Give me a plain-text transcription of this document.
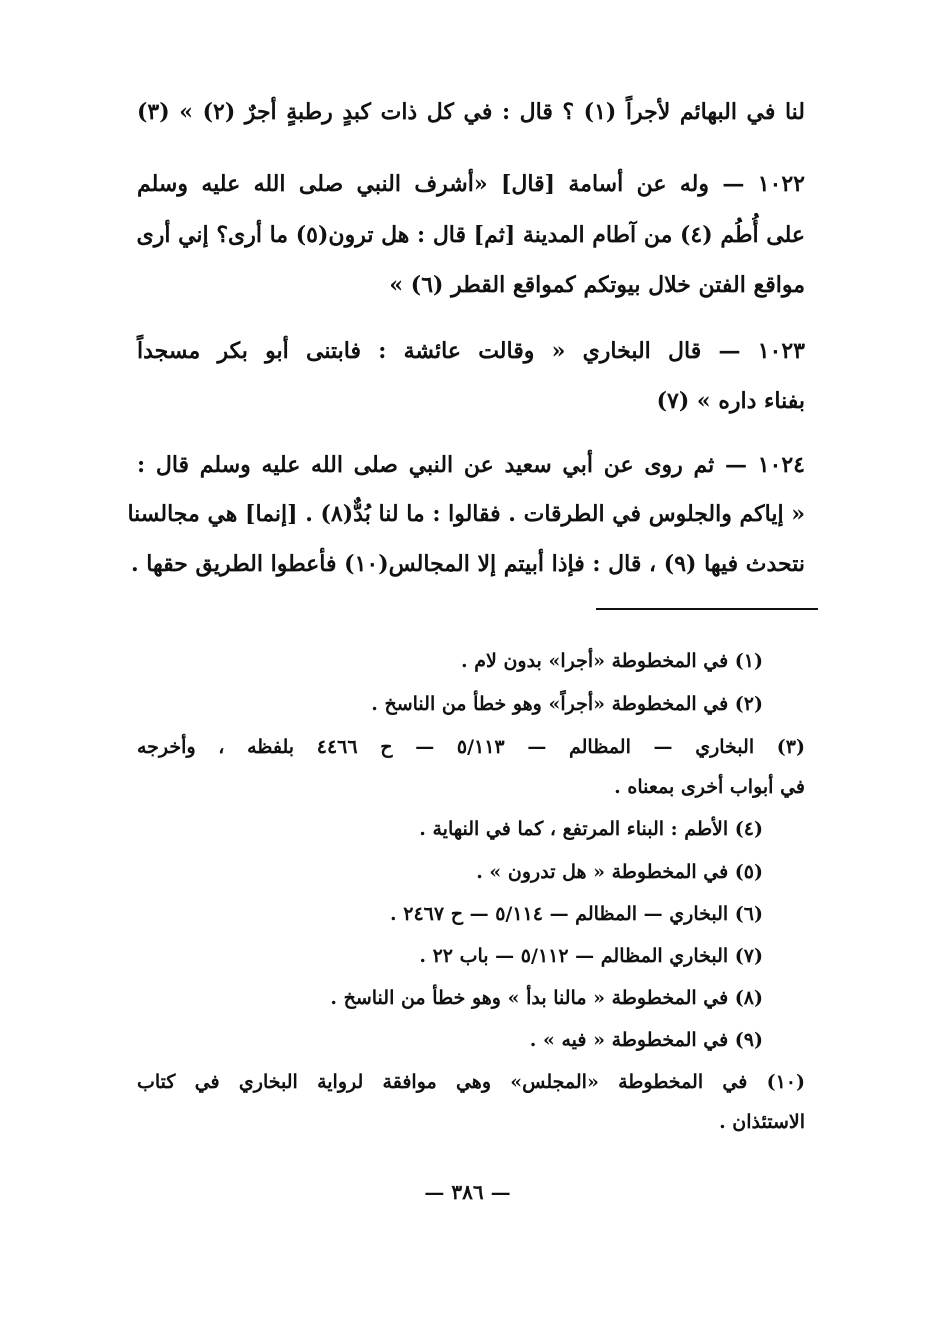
لنا في البهائم لأجراً (١) ؟ قال : في كل ذات كبدٍ رطبةٍ أجرٌ (٢) » (٣)
١٠٢٢ — وله عن أسامة [قال] «أشرف النبي صلى الله عليه وسلم
على أُطُم (٤) من آطام المدينة [ثم] قال : هل ترون(٥) ما أرى؟ إني أرى
مواقع الفتن خلال بيوتكم كمواقع القطر (٦) »
١٠٢٣ — قال البخاري « وقالت عائشة : فابتنى أبو بكر مسجداً
بفناء داره » (٧)
١٠٢٤ — ثم روى عن أبي سعيد عن النبي صلى الله عليه وسلم قال :
« إياكم والجلوس في الطرقات . فقالوا : ما لنا بُدٌّ(٨) . [إنما] هي مجالسنا
نتحدث فيها (٩) ، قال : فإذا أبيتم إلا المجالس(١٠) فأعطوا الطريق حقها .
(١) في المخطوطة «أجرا» بدون لام .
(٢) في المخطوطة «أجراً» وهو خطأ من الناسخ .
(٣) البخاري — المظالم — ٥/١١٣ — ح ٤٤٦٦ بلفظه ، وأخرجه
في أبواب أخرى بمعناه .
(٤) الأطم : البناء المرتفع ، كما في النهاية .
(٥) في المخطوطة « هل تدرون » .
(٦) البخاري — المظالم — ٥/١١٤ — ح ٢٤٦٧ .
(٧) البخاري المظالم — ٥/١١٢ — باب ٢٢ .
(٨) في المخطوطة « مالنا بدأ » وهو خطأ من الناسخ .
(٩) في المخطوطة « فيه » .
(١٠) في المخطوطة «المجلس» وهي موافقة لرواية البخاري في كتاب
الاستئذان .
— ٣٨٦ —
